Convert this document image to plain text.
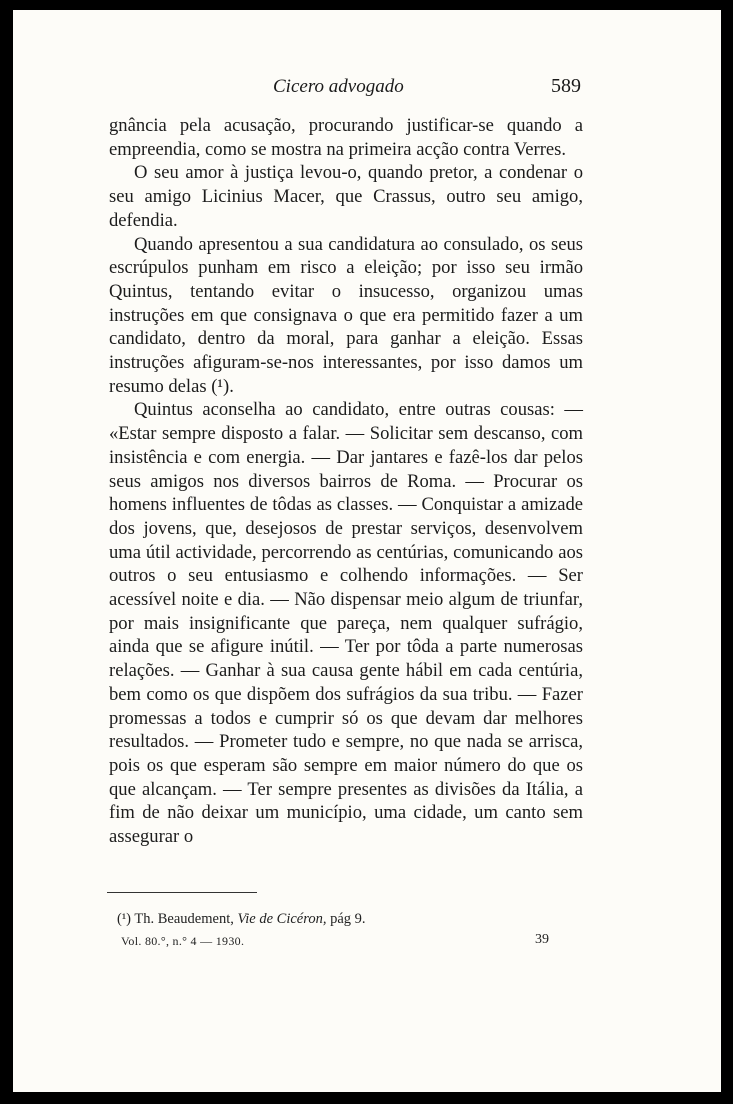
Cicero advogado	589

gnância pela acusação, procurando justificar-se quando a empreendia, como se mostra na primeira acção contra Verres.

O seu amor à justiça levou-o, quando pretor, a condenar o seu amigo Licinius Macer, que Crassus, outro seu amigo, defendia.

Quando apresentou a sua candidatura ao consulado, os seus escrúpulos punham em risco a eleição; por isso seu irmão Quintus, tentando evitar o insucesso, organizou umas instruções em que consignava o que era permitido fazer a um candidato, dentro da moral, para ganhar a eleição. Essas instruções afiguram-se-nos interessantes, por isso damos um resumo delas (¹).

Quintus aconselha ao candidato, entre outras cousas: — «Estar sempre disposto a falar. — Solicitar sem descanso, com insistência e com energia. — Dar jantares e fazê-los dar pelos seus amigos nos diversos bairros de Roma. — Procurar os homens influentes de tôdas as classes. — Conquistar a amizade dos jovens, que, desejosos de prestar serviços, desenvolvem uma útil actividade, percorrendo as centúrias, comunicando aos outros o seu entusiasmo e colhendo informações. — Ser acessível noite e dia. — Não dispensar meio algum de triunfar, por mais insignificante que pareça, nem qualquer sufrágio, ainda que se afigure inútil. — Ter por tôda a parte numerosas relações. — Ganhar à sua causa gente hábil em cada centúria, bem como os que dispõem dos sufrágios da sua tribu. — Fazer promessas a todos e cumprir só os que devam dar melhores resultados. — Prometer tudo e sempre, no que nada se arrisca, pois os que esperam são sempre em maior número do que os que alcançam. — Ter sempre presentes as divisões da Itália, a fim de não deixar um município, uma cidade, um canto sem assegurar o

(¹) Th. Beaudement, Vie de Cicéron, pág 9.
Vol. 80.°, n.° 4 — 1930.	39
